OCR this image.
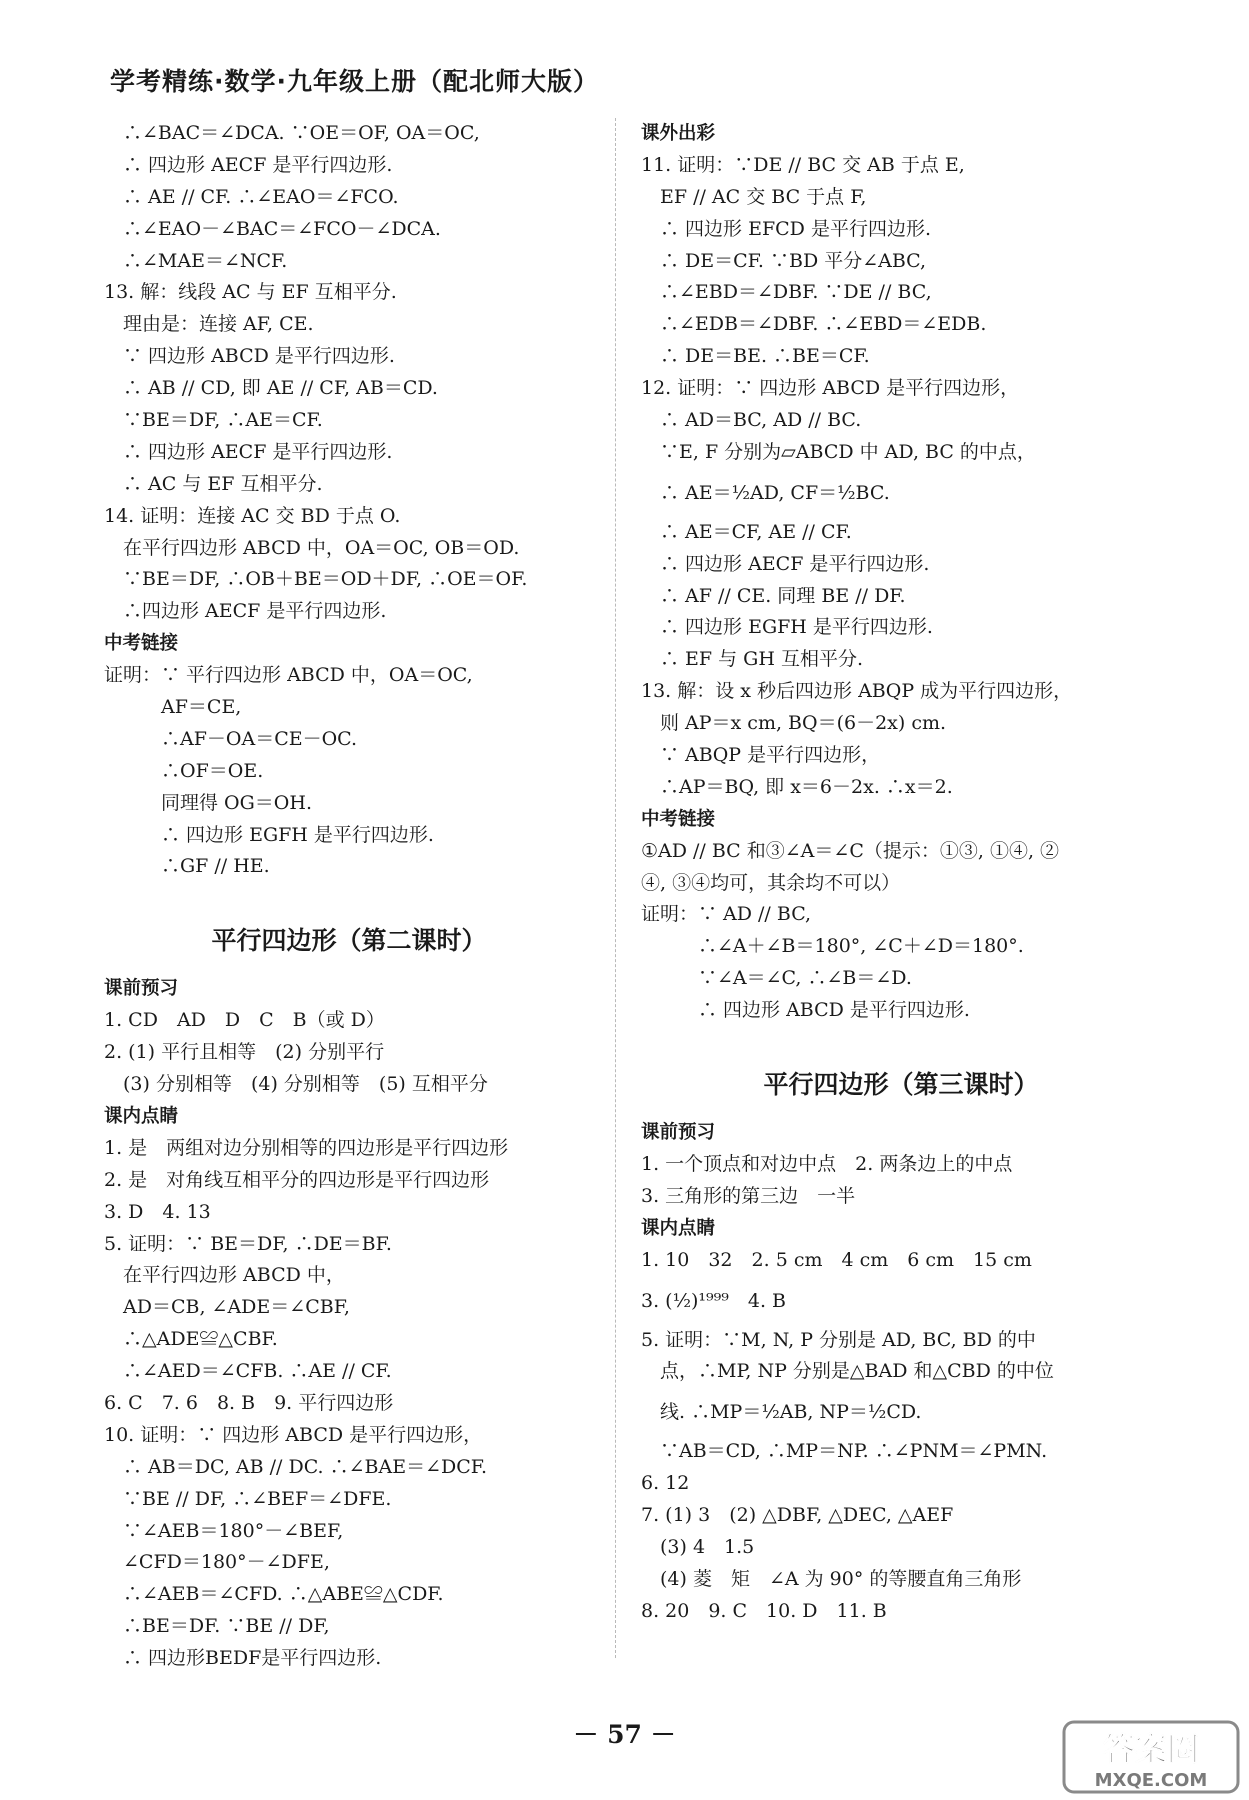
学考精练·数学·九年级上册（配北师大版）
　∴∠BAC＝∠DCA. ∵OE＝OF, OA＝OC,
　∴ 四边形 AECF 是平行四边形.
　∴ AE // CF. ∴∠EAO＝∠FCO.
　∴∠EAO－∠BAC＝∠FCO－∠DCA.
　∴∠MAE＝∠NCF.
13. 解：线段 AC 与 EF 互相平分.
　理由是：连接 AF, CE.
　∵ 四边形 ABCD 是平行四边形.
　∴ AB // CD, 即 AE // CF, AB＝CD.
　∵BE＝DF, ∴AE＝CF.
　∴ 四边形 AECF 是平行四边形.
　∴ AC 与 EF 互相平分.
14. 证明：连接 AC 交 BD 于点 O.
　在平行四边形 ABCD 中，OA＝OC, OB＝OD.
　∵BE＝DF, ∴OB＋BE＝OD＋DF, ∴OE＝OF.
　∴四边形 AECF 是平行四边形.
中考链接
证明：∵ 平行四边形 ABCD 中，OA＝OC,
　　　AF＝CE,
　　　∴AF－OA＝CE－OC.
　　　∴OF＝OE.
　　　同理得 OG＝OH.
　　　∴ 四边形 EGFH 是平行四边形.
　　　∴GF // HE.
平行四边形（第二课时）
课前预习
1. CD　AD　D　C　B（或 D）
2. (1) 平行且相等　(2) 分别平行
　(3) 分别相等　(4) 分别相等　(5) 互相平分
课内点睛
1. 是　两组对边分别相等的四边形是平行四边形
2. 是　对角线互相平分的四边形是平行四边形
3. D　4. 13
5. 证明：∵ BE＝DF, ∴DE＝BF.
　在平行四边形 ABCD 中，
　AD＝CB, ∠ADE＝∠CBF,
　∴△ADE≌△CBF.
　∴∠AED＝∠CFB. ∴AE // CF.
6. C　7. 6　8. B　9. 平行四边形
10. 证明：∵ 四边形 ABCD 是平行四边形，
　∴ AB＝DC, AB // DC. ∴∠BAE＝∠DCF.
　∵BE // DF, ∴∠BEF＝∠DFE.
　∵∠AEB＝180°－∠BEF,
　∠CFD＝180°－∠DFE,
　∴∠AEB＝∠CFD. ∴△ABE≌△CDF.
　∴BE＝DF. ∵BE // DF,
　∴ 四边形BEDF是平行四边形.
课外出彩
11. 证明：∵DE // BC 交 AB 于点 E,
　EF // AC 交 BC 于点 F,
　∴ 四边形 EFCD 是平行四边形.
　∴ DE＝CF. ∵BD 平分∠ABC,
　∴∠EBD＝∠DBF. ∵DE // BC,
　∴∠EDB＝∠DBF. ∴∠EBD＝∠EDB.
　∴ DE＝BE. ∴BE＝CF.
12. 证明：∵ 四边形 ABCD 是平行四边形，
　∴ AD＝BC, AD // BC.
　∵E, F 分别为▱ABCD 中 AD, BC 的中点，
　∴ AE＝½AD, CF＝½BC.
　∴ AE＝CF, AE // CF.
　∴ 四边形 AECF 是平行四边形.
　∴ AF // CE. 同理 BE // DF.
　∴ 四边形 EGFH 是平行四边形.
　∴ EF 与 GH 互相平分.
13. 解：设 x 秒后四边形 ABQP 成为平行四边形，
　则 AP＝x cm, BQ＝(6－2x) cm.
　∵ ABQP 是平行四边形，
　∴AP＝BQ, 即 x＝6－2x. ∴x＝2.
中考链接
①AD // BC 和③∠A＝∠C（提示：①③, ①④, ②
④, ③④均可，其余均不可以）
证明：∵ AD // BC,
　　　∴∠A＋∠B＝180°, ∠C＋∠D＝180°.
　　　∵∠A＝∠C, ∴∠B＝∠D.
　　　∴ 四边形 ABCD 是平行四边形.
平行四边形（第三课时）
课前预习
1. 一个顶点和对边中点　2. 两条边上的中点
3. 三角形的第三边　一半
课内点睛
1. 10　32　2. 5 cm　4 cm　6 cm　15 cm
3. (½)¹⁹⁹⁹　4. B
5. 证明：∵M, N, P 分别是 AD, BC, BD 的中
　点，∴MP, NP 分别是△BAD 和△CBD 的中位
　线. ∴MP＝½AB, NP＝½CD.
　∵AB＝CD, ∴MP＝NP. ∴∠PNM＝∠PMN.
6. 12
7. (1) 3　(2) △DBF, △DEC, △AEF
　(3) 4　1.5
　(4) 菱　矩　∠A 为 90° 的等腰直角三角形
8. 20　9. C　10. D　11. B
－ 57 －	答案圈
MXQE.COM
